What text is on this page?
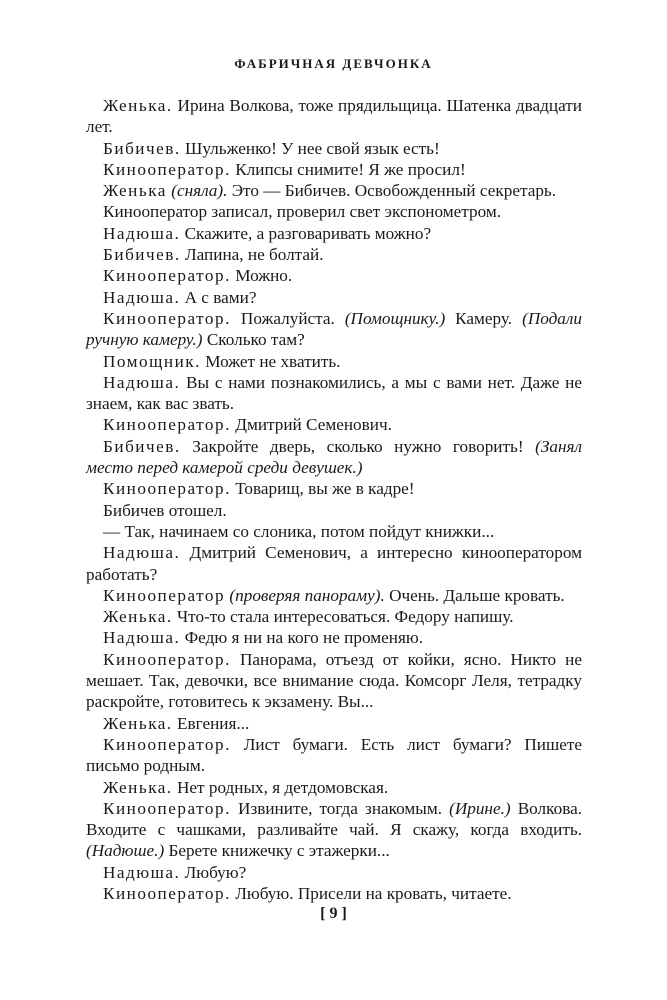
ФАБРИЧНАЯ ДЕВЧОНКА

Женька. Ирина Волкова, тоже прядильщица. Шатенка двадцати лет.

Бибичев. Шульженко! У нее свой язык есть!

Кинооператор. Клипсы снимите! Я же просил!

Женька (сняла). Это — Бибичев. Освобожденный секретарь.

Кинооператор записал, проверил свет экспонометром.

Надюша. Скажите, а разговаривать можно?

Бибичев. Лапина, не болтай.

Кинооператор. Можно.

Надюша. А с вами?

Кинооператор. Пожалуйста. (Помощнику.) Камеру. (Подали ручную камеру.) Сколько там?

Помощник. Может не хватить.

Надюша. Вы с нами познакомились, а мы с вами нет. Даже не знаем, как вас звать.

Кинооператор. Дмитрий Семенович.

Бибичев. Закройте дверь, сколько нужно говорить! (Занял место перед камерой среди девушек.)

Кинооператор. Товарищ, вы же в кадре!

Бибичев отошел.

— Так, начинаем со слоника, потом пойдут книжки...

Надюша. Дмитрий Семенович, а интересно кинооператором работать?

Кинооператор (проверяя панораму). Очень. Дальше кровать.

Женька. Что-то стала интересоваться. Федору напишу.

Надюша. Федю я ни на кого не променяю.

Кинооператор. Панорама, отъезд от койки, ясно. Никто не мешает. Так, девочки, все внимание сюда. Комсорг Леля, тетрадку раскройте, готовитесь к экзамену. Вы...

Женька. Евгения...

Кинооператор. Лист бумаги. Есть лист бумаги? Пишете письмо родным.

Женька. Нет родных, я детдомовская.

Кинооператор. Извините, тогда знакомым. (Ирине.) Волкова. Входите с чашками, разливайте чай. Я скажу, когда входить. (Надюше.) Берете книжечку с этажерки...

Надюша. Любую?

Кинооператор. Любую. Присели на кровать, читаете.

[ 9 ]
